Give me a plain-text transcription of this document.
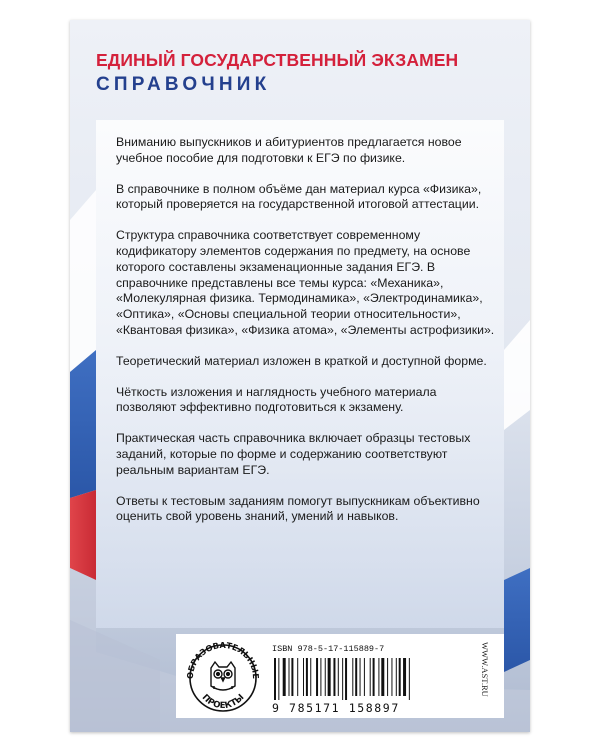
ЕДИНЫЙ ГОСУДАРСТВЕННЫЙ ЭКЗАМЕН
СПРАВОЧНИК

Вниманию выпускников и абитуриентов предлагается новое учебное пособие для подготовки к ЕГЭ по физике.

В справочнике в полном объёме дан материал курса «Физика», который проверяется на государственной итоговой аттестации.

Структура справочника соответствует современному кодификатору элементов содержания по предмету, на основе которого составлены экзаменационные задания ЕГЭ. В справочнике представлены все темы курса: «Механика», «Молекулярная физика. Термодинамика», «Электродинамика», «Оптика», «Основы специальной теории относительности», «Квантовая физика», «Физика атома», «Элементы астрофизики».

Теоретический материал изложен в краткой и доступной форме.

Чёткость изложения и наглядность учебного материала позволяют эффективно подготовиться к экзамену.

Практическая часть справочника включает образцы тестовых заданий, которые по форме и содержанию соответствуют реальным вариантам ЕГЭ.

Ответы к тестовым заданиям помогут выпускникам объективно оценить свой уровень знаний, умений и навыков.

ОБРАЗОВАТЕЛЬНЫЕ
ПРОЕКТЫ
ISBN 978-5-17-115889-7
9 785171 158897
WWW.AST.RU
